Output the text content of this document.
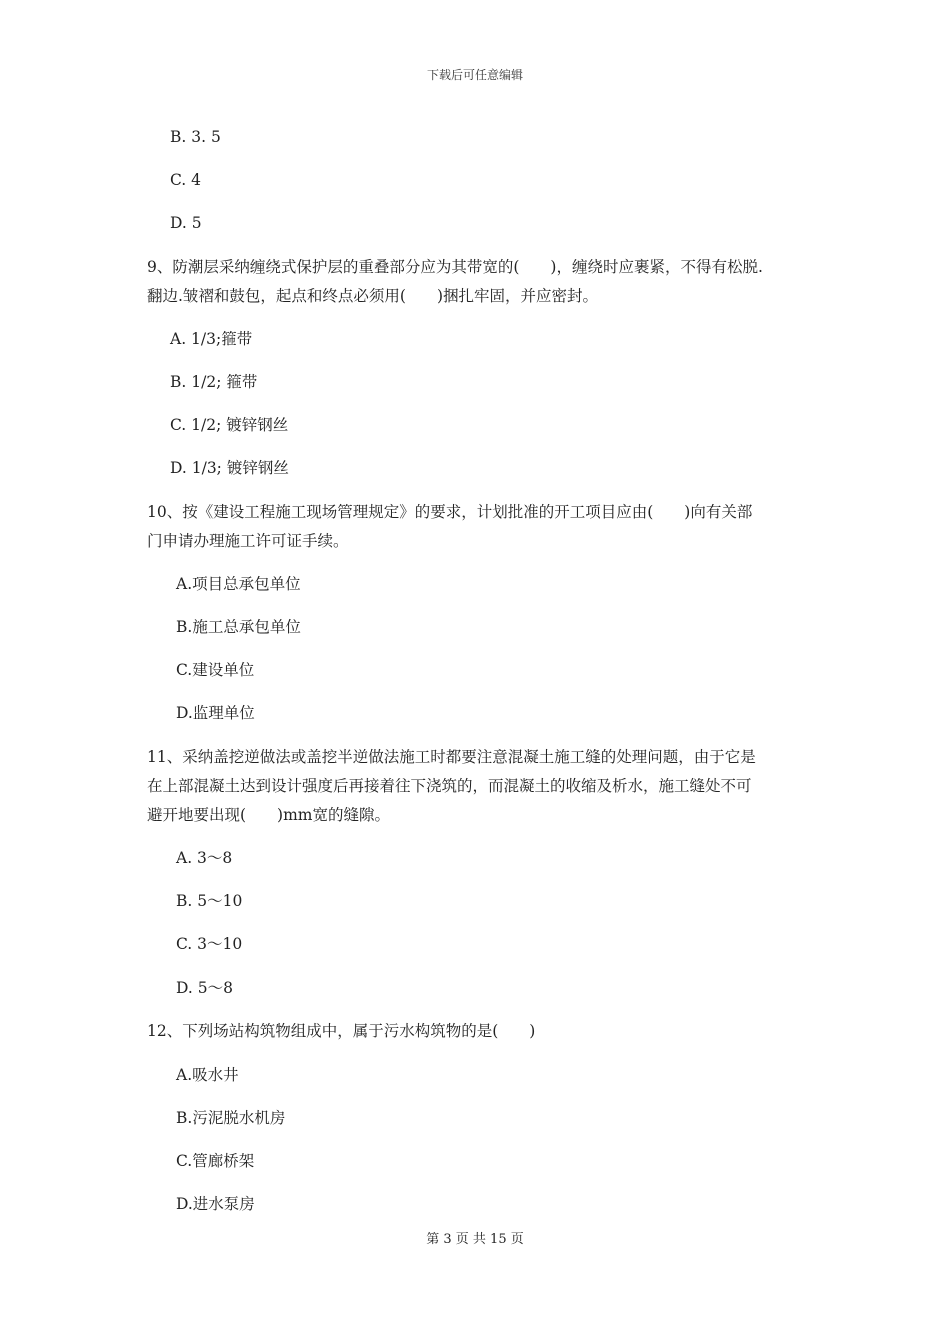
下载后可任意编辑
B. 3. 5
C. 4
D. 5
9、防潮层采纳缠绕式保护层的重叠部分应为其带宽的(　　)，缠绕时应裹紧，不得有松脱.
翻边.皱褶和鼓包，起点和终点必须用(　　)捆扎牢固，并应密封。
A. 1/3;箍带
B. 1/2; 箍带
C. 1/2; 镀锌钢丝
D. 1/3; 镀锌钢丝
10、按《建设工程施工现场管理规定》的要求，计划批准的开工项目应由(　　)向有关部
门申请办理施工许可证手续。
A.项目总承包单位
B.施工总承包单位
C.建设单位
D.监理单位
11、采纳盖挖逆做法或盖挖半逆做法施工时都要注意混凝土施工缝的处理问题，由于它是
在上部混凝土达到设计强度后再接着往下浇筑的，而混凝土的收缩及析水，施工缝处不可
避开地要出现(　　)mm宽的缝隙。
A. 3～8
B. 5～10
C. 3～10
D. 5～8
12、下列场站构筑物组成中，属于污水构筑物的是(　　)
A.吸水井
B.污泥脱水机房
C.管廊桥架
D.进水泵房
第 3 页 共 15 页
